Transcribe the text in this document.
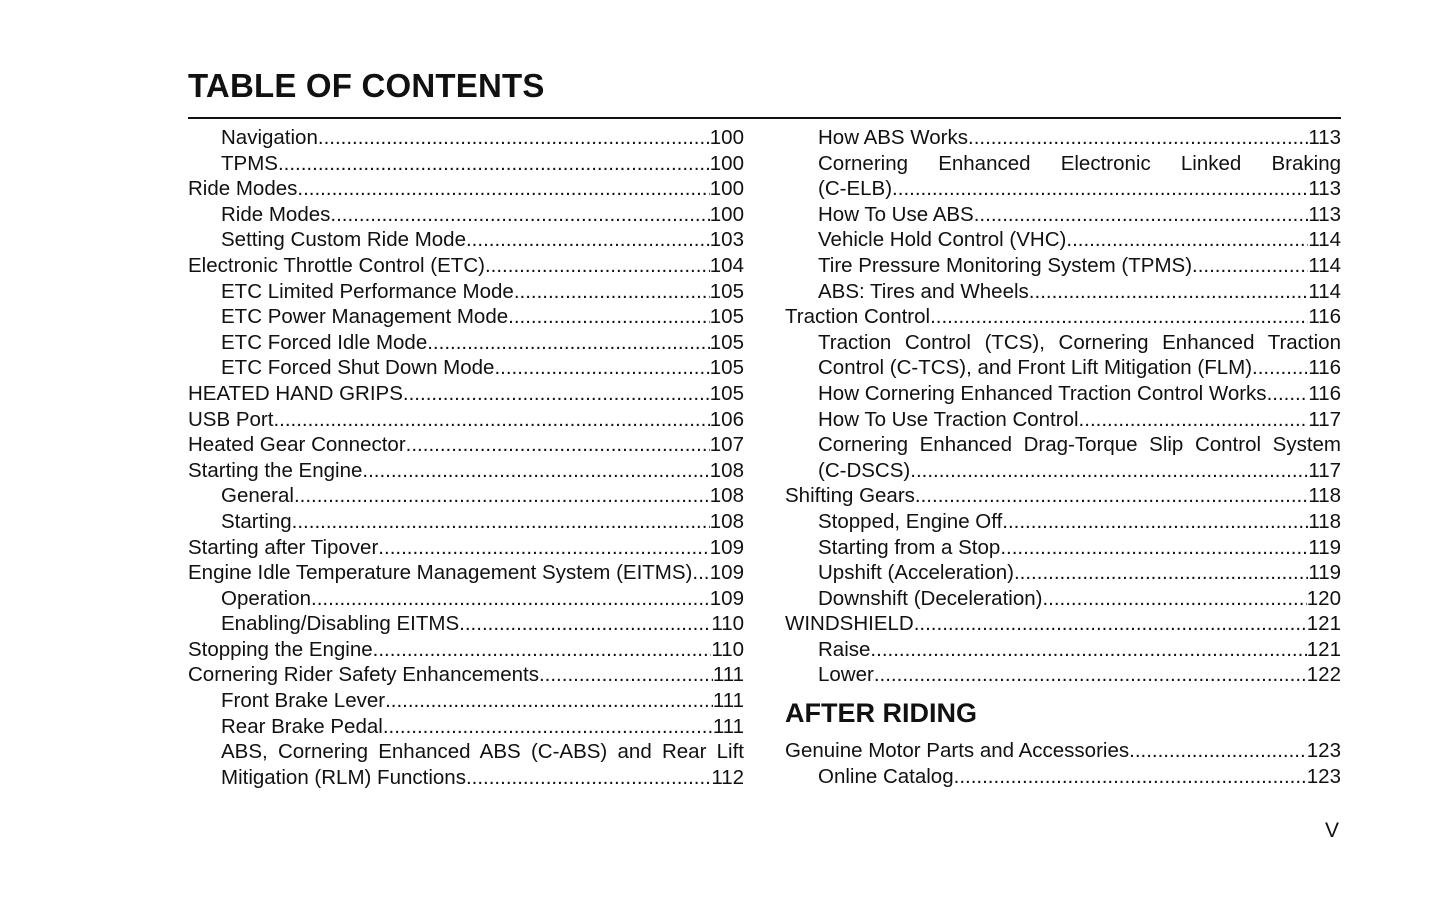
TABLE OF CONTENTS
Navigation .....	100
TPMS .....	100
Ride Modes .....	100
Ride Modes .....	100
Setting Custom Ride Mode .....	103
Electronic Throttle Control (ETC) .....	104
ETC Limited Performance Mode .....	105
ETC Power Management Mode .....	105
ETC Forced Idle Mode .....	105
ETC Forced Shut Down Mode .....	105
HEATED HAND GRIPS .....	105
USB Port .....	106
Heated Gear Connector .....	107
Starting the Engine .....	108
General .....	108
Starting .....	108
Starting after Tipover .....	109
Engine Idle Temperature Management System (EITMS) ..... 109
Operation .....	109
Enabling/Disabling EITMS .....	110
Stopping the Engine .....	110
Cornering Rider Safety Enhancements .....	111
Front Brake Lever .....	111
Rear Brake Pedal .....	111
ABS, Cornering Enhanced ABS (C-ABS) and Rear Lift
Mitigation (RLM) Functions .....	112
How ABS Works .....	113
Cornering Enhanced Electronic Linked Braking
(C-ELB) .....	113
How To Use ABS .....	113
Vehicle Hold Control (VHC) .....	114
Tire Pressure Monitoring System (TPMS) .....	114
ABS: Tires and Wheels .....	114
Traction Control .....	116
Traction Control (TCS), Cornering Enhanced Traction
Control (C-TCS), and Front Lift Mitigation (FLM) .....	116
How Cornering Enhanced Traction Control Works ..... 116
How To Use Traction Control .....	117
Cornering Enhanced Drag-Torque Slip Control System
(C-DSCS) .....	117
Shifting Gears .....	118
Stopped, Engine Off .....	118
Starting from a Stop .....	119
Upshift (Acceleration) .....	119
Downshift (Deceleration) .....	120
WINDSHIELD .....	121
Raise .....	121
Lower .....	122
AFTER RIDING
Genuine Motor Parts and Accessories .....	123
Online Catalog .....	123
V
